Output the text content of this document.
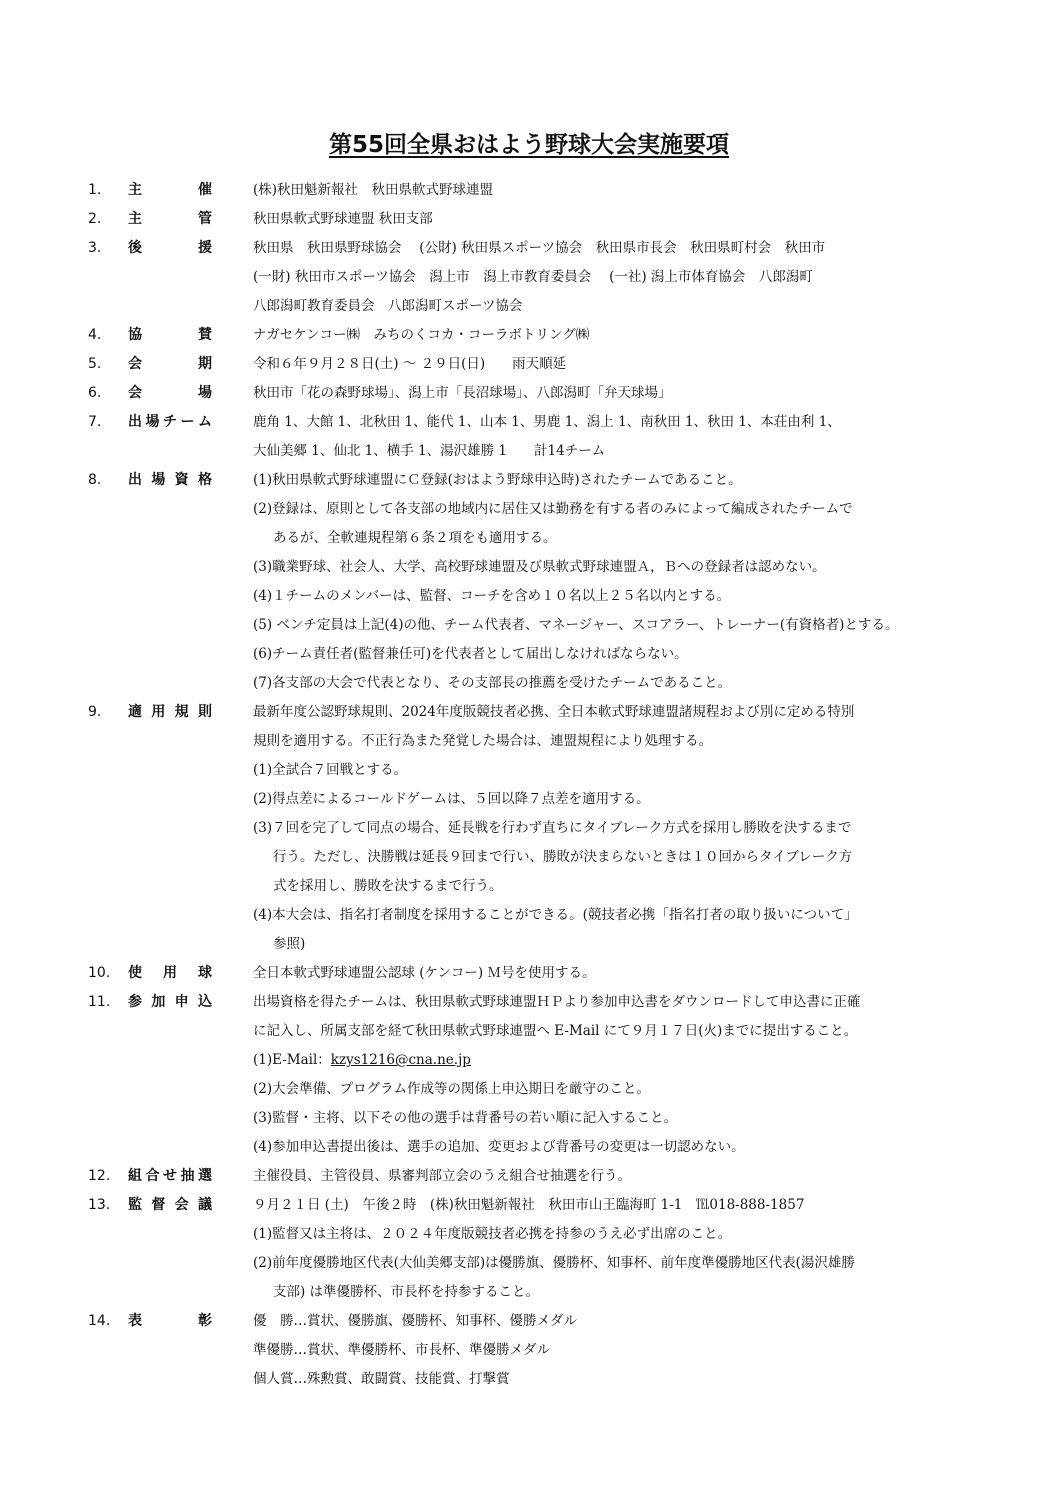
第55回全県おはよう野球大会実施要項
1.	主催	(株)秋田魁新報社　秋田県軟式野球連盟
2.	主管	秋田県軟式野球連盟 秋田支部
3.	後援	秋田県　秋田県野球協会　 (公財) 秋田県スポーツ協会　秋田県市長会　秋田県町村会　秋田市
(一財) 秋田市スポーツ協会　潟上市　潟上市教育委員会　 (一社) 潟上市体育協会　八郎潟町
八郎潟町教育委員会　八郎潟町スポーツ協会
4.	協賛	ナガセケンコー㈱　みちのくコカ・コーラボトリング㈱
5.	会期	令和６年９月２８日(土) 〜 ２９日(日)　　雨天順延
6.	会場	秋田市「花の森野球場」、潟上市「長沼球場」、八郎潟町「弁天球場」
7.	出場チーム	鹿角 1、大館 1、北秋田 1、能代 1、山本 1、男鹿 1、潟上 1、南秋田 1、秋田 1、本荘由利 1、
大仙美郷 1、仙北 1、横手 1、湯沢雄勝 1　　計14チーム
8.	出場資格	(1)秋田県軟式野球連盟にＣ登録(おはよう野球申込時)されたチームであること。
(2)登録は、原則として各支部の地域内に居住又は勤務を有する者のみによって編成されたチームで
あるが、全軟連規程第６条２項をも適用する。
(3)職業野球、社会人、大学、高校野球連盟及び県軟式野球連盟Ａ，Ｂへの登録者は認めない。
(4)１チームのメンバーは、監督、コーチを含め１０名以上２５名以内とする。
(5) ベンチ定員は上記(4)の他、チーム代表者、マネージャー、スコアラー、トレーナー(有資格者)とする。
(6)チーム責任者(監督兼任可)を代表者として届出しなければならない。
(7)各支部の大会で代表となり、その支部長の推薦を受けたチームであること。
9.	適用規則	最新年度公認野球規則、2024年度版競技者必携、全日本軟式野球連盟諸規程および別に定める特別
規則を適用する。不正行為また発覚した場合は、連盟規程により処理する。
(1)全試合７回戦とする。
(2)得点差によるコールドゲームは、５回以降７点差を適用する。
(3)７回を完了して同点の場合、延長戦を行わず直ちにタイブレーク方式を採用し勝敗を決するまで
行う。ただし、決勝戦は延長９回まで行い、勝敗が決まらないときは１０回からタイブレーク方
式を採用し、勝敗を決するまで行う。
(4)本大会は、指名打者制度を採用することができる。(競技者必携「指名打者の取り扱いについて」
参照)
10.	使用球	全日本軟式野球連盟公認球 (ケンコー) Ｍ号を使用する。
11.	参加申込	出場資格を得たチームは、秋田県軟式野球連盟ＨＰより参加申込書をダウンロードして申込書に正確
に記入し、所属支部を経て秋田県軟式野球連盟へ E-Mail にて９月１７日(火)までに提出すること。
(1)E-Mail：kzys1216@cna.ne.jp
(2)大会準備、プログラム作成等の関係上申込期日を厳守のこと。
(3)監督・主将、以下その他の選手は背番号の若い順に記入すること。
(4)参加申込書提出後は、選手の追加、変更および背番号の変更は一切認めない。
12.	組合せ抽選	主催役員、主管役員、県審判部立会のうえ組合せ抽選を行う。
13.	監督会議	９月２１日 (土)　午後２時　(株)秋田魁新報社　秋田市山王臨海町 1-1　℡018-888-1857
(1)監督又は主将は、２０２４年度版競技者必携を持参のうえ必ず出席のこと。
(2)前年度優勝地区代表(大仙美郷支部)は優勝旗、優勝杯、知事杯、前年度準優勝地区代表(湯沢雄勝
支部) は準優勝杯、市長杯を持参すること。
14.	表彰	優　勝…賞状、優勝旗、優勝杯、知事杯、優勝メダル
準優勝…賞状、準優勝杯、市長杯、準優勝メダル
個人賞…殊勲賞、敢闘賞、技能賞、打撃賞
